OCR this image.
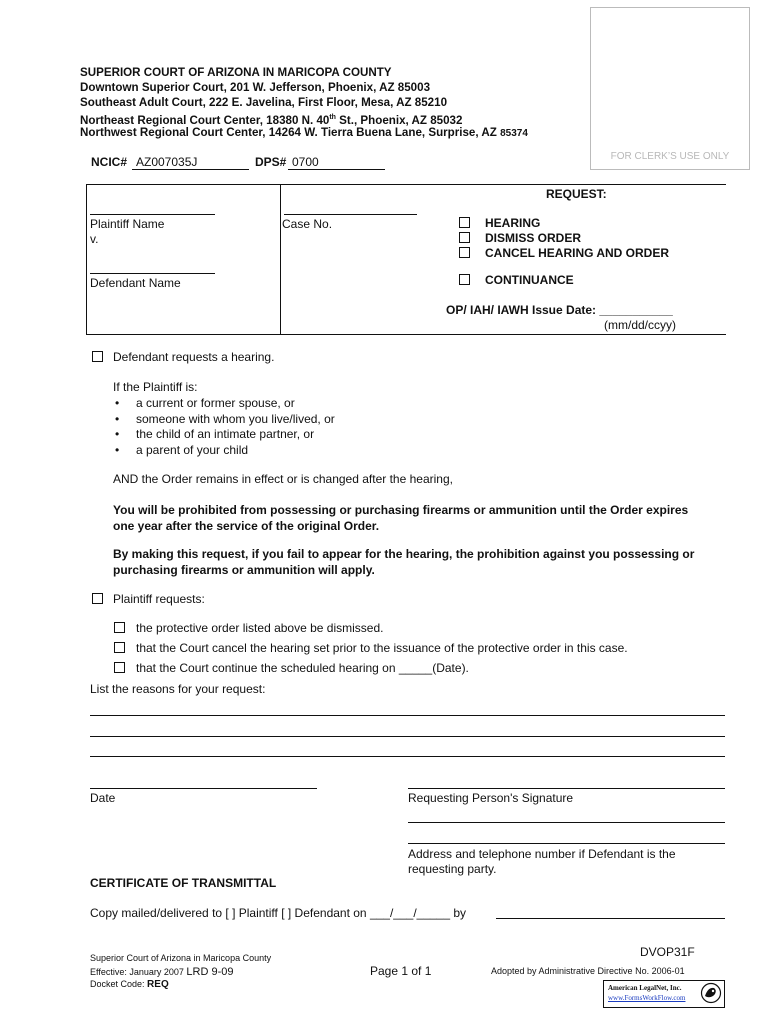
FOR CLERK’S USE ONLY
SUPERIOR COURT OF ARIZONA IN MARICOPA COUNTY
Downtown Superior Court, 201 W. Jefferson, Phoenix, AZ 85003
Southeast Adult Court, 222 E. Javelina, First Floor, Mesa, AZ 85210
Northeast Regional Court Center, 18380 N. 40th St., Phoenix, AZ 85032
Northwest Regional Court Center, 14264 W. Tierra Buena Lane, Surprise, AZ 85374
NCIC# AZ007035J	DPS# 0700
Plaintiff Name
v.
Defendant Name
Case No.
REQUEST:
HEARING
DISMISS ORDER
CANCEL HEARING AND ORDER
CONTINUANCE
OP/ IAH/ IAWH Issue Date: ___________
(mm/dd/ccyy)
Defendant requests a hearing.
If the Plaintiff is:
• a current or former spouse, or
• someone with whom you live/lived, or
• the child of an intimate partner, or
• a parent of your child
AND the Order remains in effect or is changed after the hearing,
You will be prohibited from possessing or purchasing firearms or ammunition until the Order expires
one year after the service of the original Order.
By making this request, if you fail to appear for the hearing, the prohibition against you possessing or
purchasing firearms or ammunition will apply.
Plaintiff requests:
the protective order listed above be dismissed.
that the Court cancel the hearing set prior to the issuance of the protective order in this case.
that the Court continue the scheduled hearing on _____(Date).
List the reasons for your request:
Date	Requesting Person's Signature
Address and telephone number if Defendant is the
requesting party.
CERTIFICATE OF TRANSMITTAL
Copy mailed/delivered to [ ] Plaintiff [ ] Defendant on ___/___/_____ by
Superior Court of Arizona in Maricopa County
Effective: January 2007 LRD 9-09
Docket Code: REQ
Page 1 of 1
DVOP31F
Adopted by Administrative Directive No. 2006-01
American LegalNet, Inc.
www.FormsWorkFlow.com
